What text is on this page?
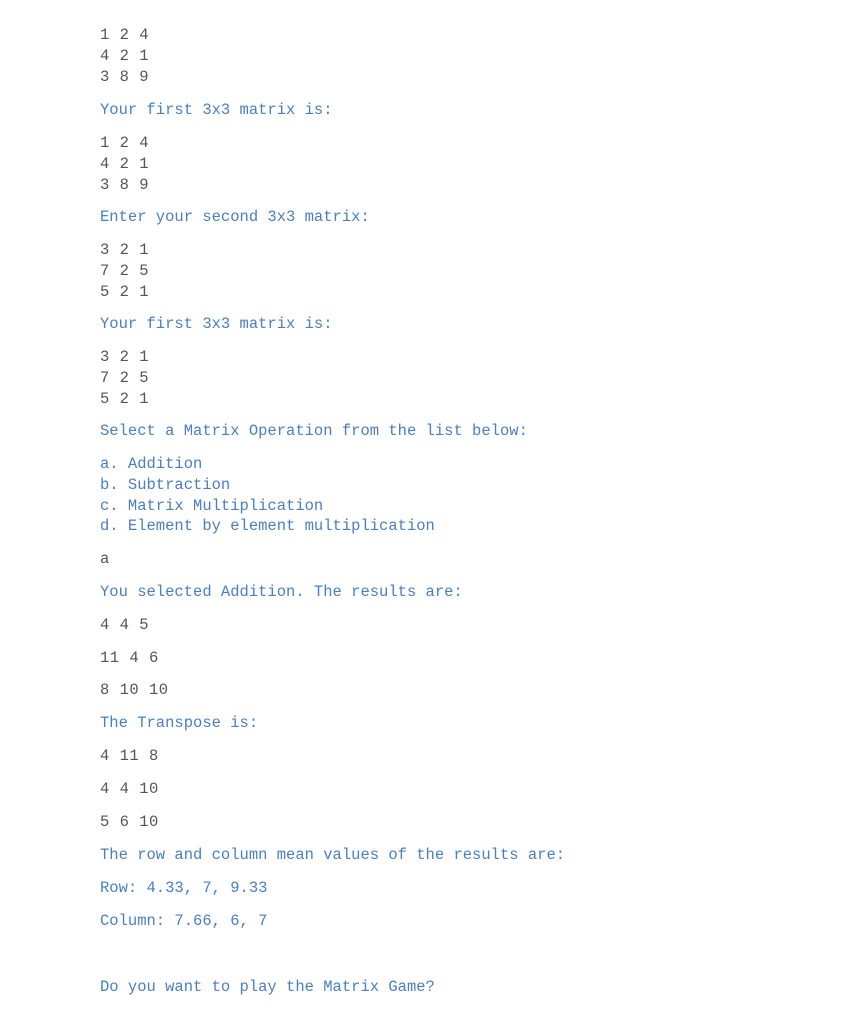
1 2 4
4 2 1
3 8 9
Your first 3x3 matrix is:
1 2 4
4 2 1
3 8 9
Enter your second 3x3 matrix:
3 2 1
7 2 5
5 2 1
Your first 3x3 matrix is:
3 2 1
7 2 5
5 2 1
Select a Matrix Operation from the list below:
a. Addition
b. Subtraction
c. Matrix Multiplication
d. Element by element multiplication
a
You selected Addition. The results are:
4 4 5
11 4 6
8 10 10
The Transpose is:
4 11 8
4 4 10
5 6 10
The row and column mean values of the results are:
Row: 4.33, 7, 9.33
Column: 7.66, 6, 7
Do you want to play the Matrix Game?
